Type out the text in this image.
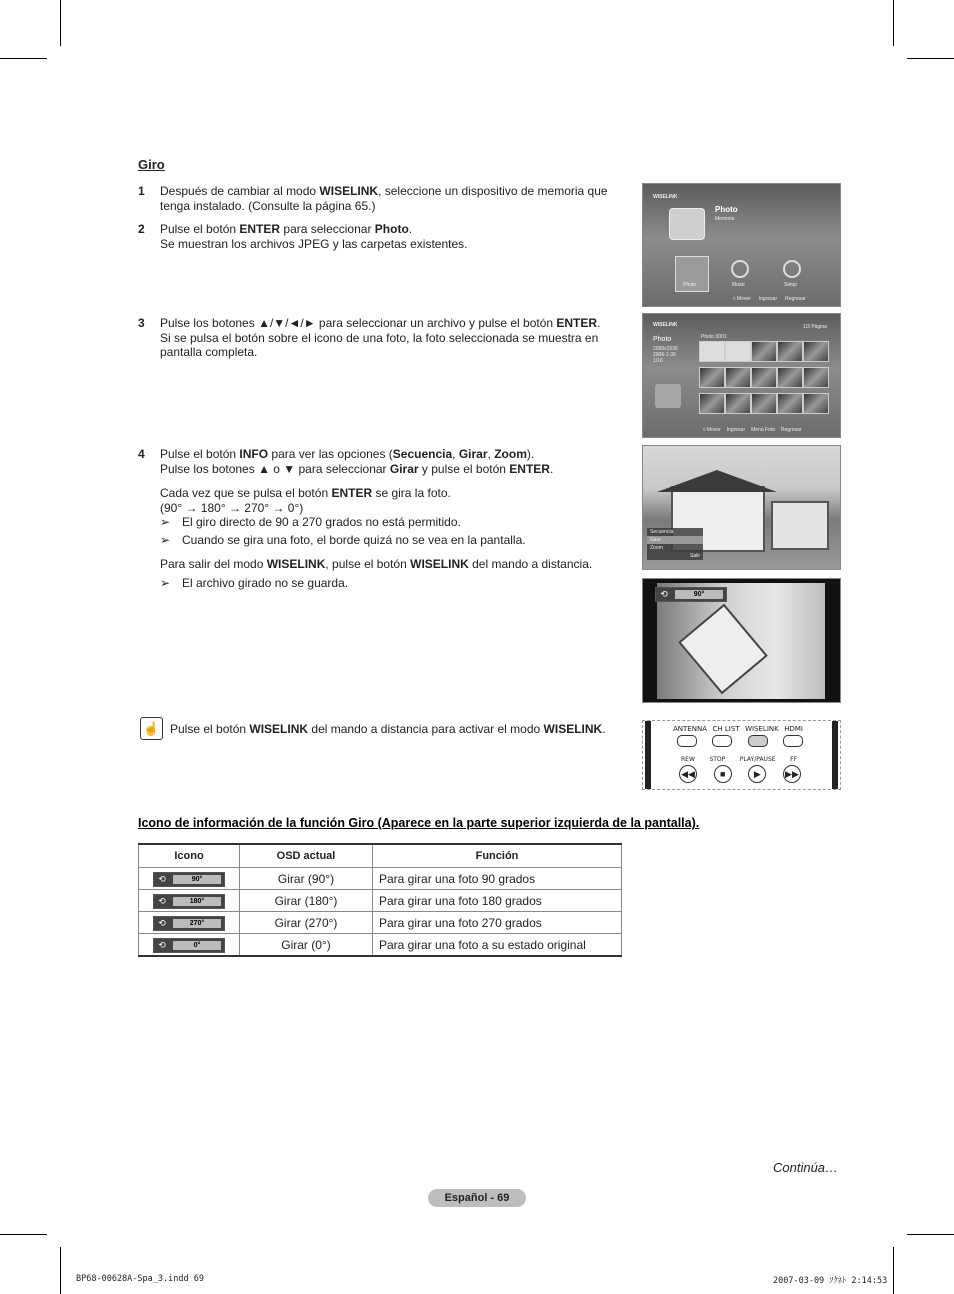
Giro
1 Después de cambiar al modo WISELINK, seleccione un dispositivo de memoria que tenga instalado. (Consulte la página 65.)
2 Pulse el botón ENTER para seleccionar Photo.
Se muestran los archivos JPEG y las carpetas existentes.
3 Pulse los botones ▲/▼/◄/► para seleccionar un archivo y pulse el botón ENTER.
Si se pulsa el botón sobre el icono de una foto, la foto seleccionada se muestra en pantalla completa.
4 Pulse el botón INFO para ver las opciones (Secuencia, Girar, Zoom).
Pulse los botones ▲ o ▼ para seleccionar Girar y pulse el botón ENTER.
Cada vez que se pulsa el botón ENTER se gira la foto.
(90° → 180° → 270° → 0°)
➢ El giro directo de 90 a 270 grados no está permitido.
➢ Cuando se gira una foto, el borde quizá no se vea en la pantalla.
Para salir del modo WISELINK, pulse el botón WISELINK del mando a distancia.
➢ El archivo girado no se guarda.
WISELINK
Photo
Memoria
Photo	Music	Setup
◊ Mover Ingresar Regresar
WISELINK	1/3 Página
Photo
2096x1536
2006-1-30
1/16
Photo 0001
◊ Mover Ingresar Menú Foto Regresar
Secuencia
Girar
Zoom
Salir
⟲	90°
☝ Pulse el botón WISELINK del mando a distancia para activar el modo WISELINK.	ANTENNA CH LIST WISELINK HDMI
REW STOP PLAY/PAUSE FF
◀◀	■	▶	▶▶
Icono de información de la función Giro (Aparece en la parte superior izquierda de la pantalla).
Icono	OSD actual	Función

⟲ 90°	Girar (90°)	Para girar una foto 90 grados

⟲ 180°	Girar (180°)	Para girar una foto 180 grados

⟲ 270°	Girar (270°)	Para girar una foto 270 grados

⟲ 0°	Girar (0°)	Para girar una foto a su estado original
Continúa…
Español - 69
BP68-00628A-Spa_3.indd 69	2007-03-09 ｿｸﾈﾄ 2:14:53
